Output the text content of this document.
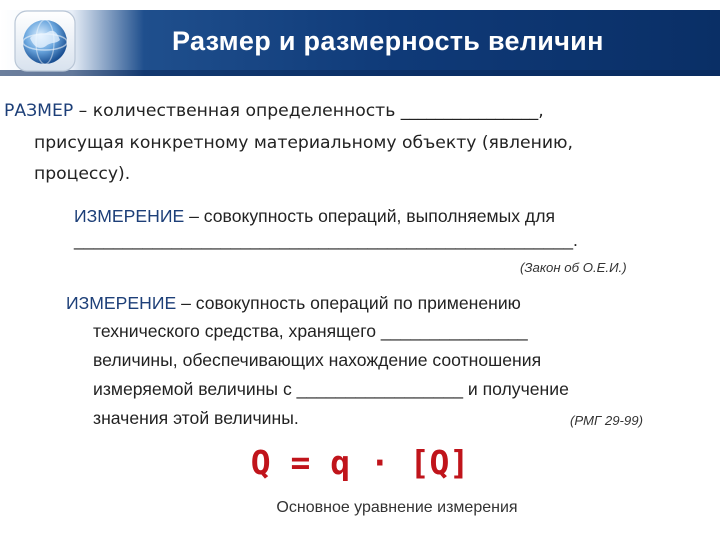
Размер и размерность величин
РАЗМЕР – количественная определенность ________________,
присущая конкретному материальному объекту (явлению,
процессу).
ИЗМЕРЕНИЕ – совокупность операций, выполняемых для
___________________________________________________.
(Закон об О.Е.И.)
ИЗМЕРЕНИЕ – совокупность операций по применению
технического средства, хранящего _______________
величины, обеспечивающих нахождение соотношения
измеряемой величины с _________________ и получение
значения этой величины.	(РМГ 29-99)
Q = q · [Q]
Основное уравнение измерения
